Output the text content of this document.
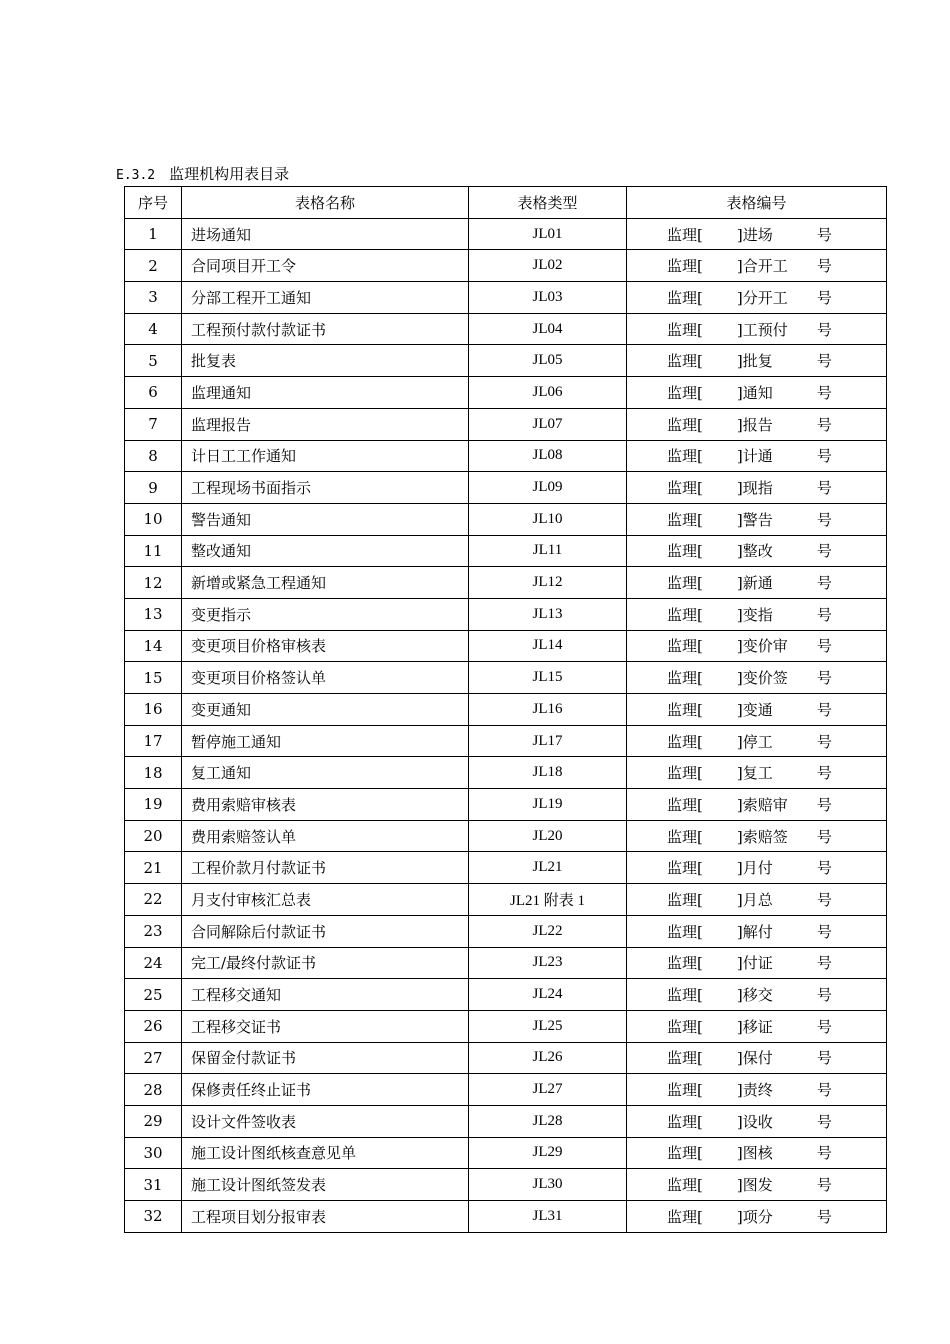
E.3.2 监理机构用表目录
序号	表格名称	表格类型	表格编号
1	进场通知	JL01	监理[ ]进场 号

2	合同项目开工令	JL02	监理[ ]合开工 号

3	分部工程开工通知	JL03	监理[ ]分开工 号

4	工程预付款付款证书	JL04	监理[ ]工预付 号

5	批复表	JL05	监理[ ]批复 号

6	监理通知	JL06	监理[ ]通知 号

7	监理报告	JL07	监理[ ]报告 号

8	计日工工作通知	JL08	监理[ ]计通 号

9	工程现场书面指示	JL09	监理[ ]现指 号

10	警告通知	JL10	监理[ ]警告 号

11	整改通知	JL11	监理[ ]整改 号

12	新增或紧急工程通知	JL12	监理[ ]新通 号

13	变更指示	JL13	监理[ ]变指 号

14	变更项目价格审核表	JL14	监理[ ]变价审 号

15	变更项目价格签认单	JL15	监理[ ]变价签 号

16	变更通知	JL16	监理[ ]变通 号

17	暂停施工通知	JL17	监理[ ]停工 号

18	复工通知	JL18	监理[ ]复工 号

19	费用索赔审核表	JL19	监理[ ]索赔审 号

20	费用索赔签认单	JL20	监理[ ]索赔签 号

21	工程价款月付款证书	JL21	监理[ ]月付 号

22	月支付审核汇总表	JL21 附表 1	监理[ ]月总 号

23	合同解除后付款证书	JL22	监理[ ]解付 号

24	完工/最终付款证书	JL23	监理[ ]付证 号

25	工程移交通知	JL24	监理[ ]移交 号

26	工程移交证书	JL25	监理[ ]移证 号

27	保留金付款证书	JL26	监理[ ]保付 号

28	保修责任终止证书	JL27	监理[ ]责终 号

29	设计文件签收表	JL28	监理[ ]设收 号

30	施工设计图纸核查意见单	JL29	监理[ ]图核 号

31	施工设计图纸签发表	JL30	监理[ ]图发 号

32	工程项目划分报审表	JL31	监理[ ]项分 号
